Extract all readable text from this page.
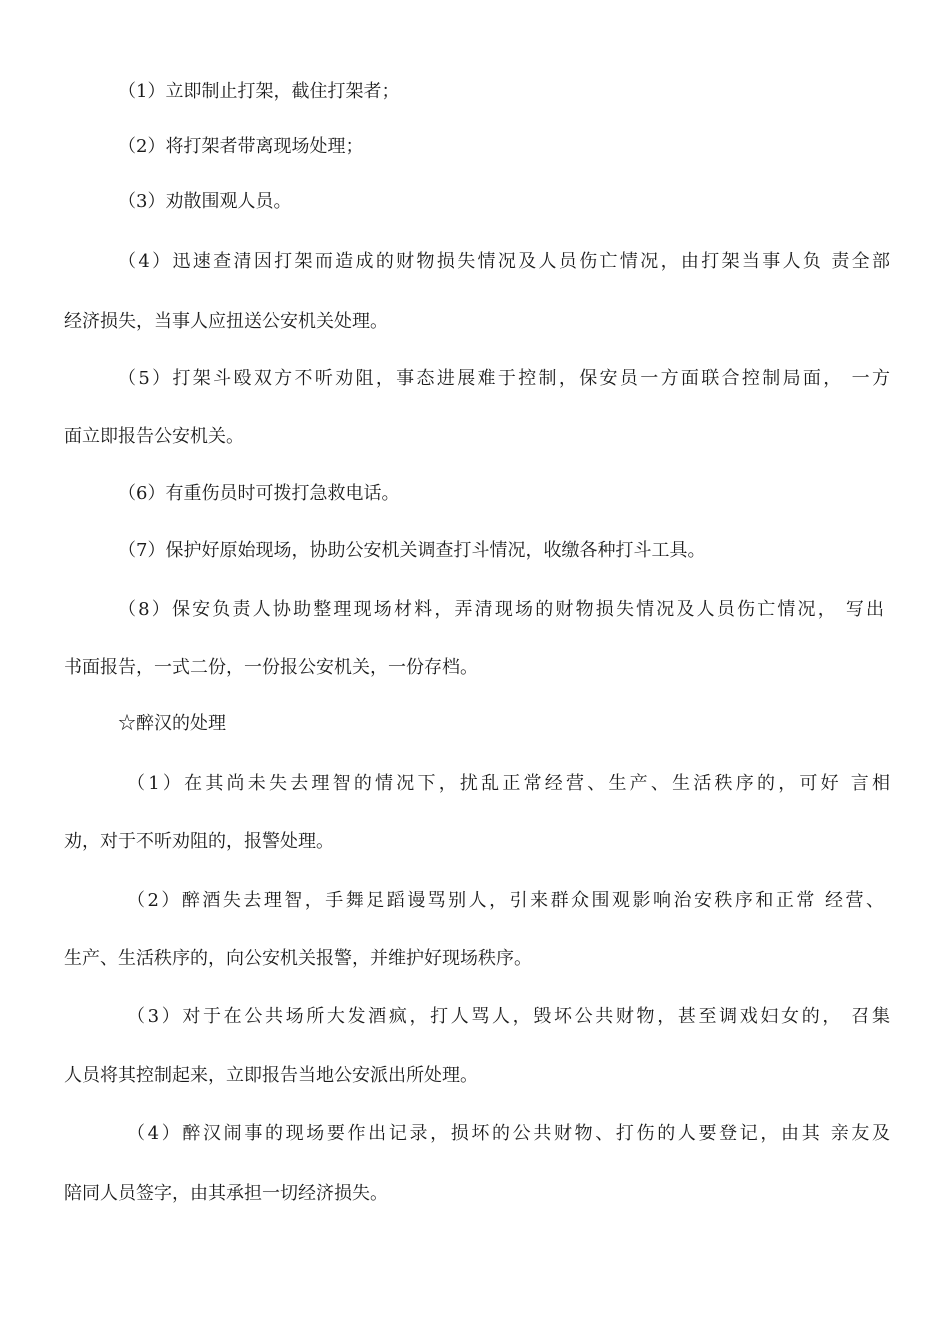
（1）立即制止打架，截住打架者；
（2）将打架者带离现场处理；
（3）劝散围观人员。
（4）迅速查清因打架而造成的财物损失情况及人员伤亡情况，由打架当事人负 责全部
经济损失，当事人应扭送公安机关处理。
（5）打架斗殴双方不听劝阻，事态进展难于控制，保安员一方面联合控制局面， 一方
面立即报告公安机关。
（6）有重伤员时可拨打急救电话。
（7）保护好原始现场，协助公安机关调查打斗情况，收缴各种打斗工具。
（8）保安负责人协助整理现场材料，弄清现场的财物损失情况及人员伤亡情况， 写出
书面报告，一式二份，一份报公安机关，一份存档。
☆醉汉的处理
（1）在其尚未失去理智的情况下，扰乱正常经营、生产、生活秩序的，可好 言相
劝，对于不听劝阻的，报警处理。
（2）醉酒失去理智，手舞足蹈谩骂别人，引来群众围观影响治安秩序和正常 经营、
生产、生活秩序的，向公安机关报警，并维护好现场秩序。
（3）对于在公共场所大发酒疯，打人骂人，毁坏公共财物，甚至调戏妇女的， 召集
人员将其控制起来，立即报告当地公安派出所处理。
（4）醉汉闹事的现场要作出记录，损坏的公共财物、打伤的人要登记，由其 亲友及
陪同人员签字，由其承担一切经济损失。
